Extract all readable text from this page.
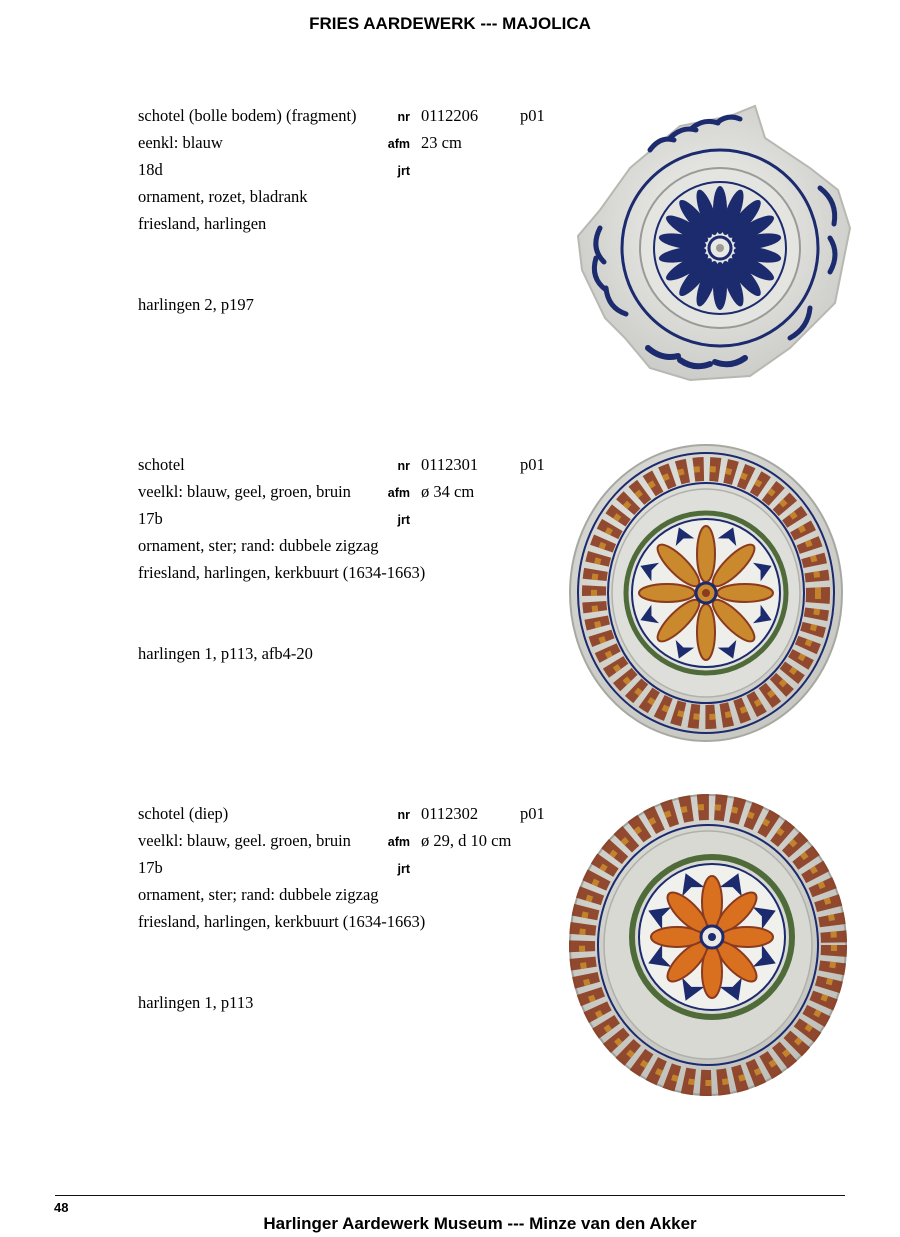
FRIES AARDEWERK --- MAJOLICA
schotel (bolle bodem) (fragment)	nr 0112206	p01
eenkl: blauw	afm 23 cm
18d	jrt
ornament, rozet, bladrank
friesland, harlingen
harlingen 2, p197
schotel	nr 0112301	p01
veelkl: blauw, geel, groen, bruin	afm ø 34 cm
17b	jrt
ornament, ster; rand: dubbele zigzag
friesland, harlingen, kerkbuurt (1634-1663)
harlingen 1, p113, afb4-20
schotel (diep)	nr 0112302	p01
veelkl: blauw, geel. groen, bruin	afm ø 29, d 10 cm
17b	jrt
ornament, ster; rand: dubbele zigzag
friesland, harlingen, kerkbuurt (1634-1663)
harlingen 1, p113
48
Harlinger Aardewerk Museum --- Minze van den Akker
